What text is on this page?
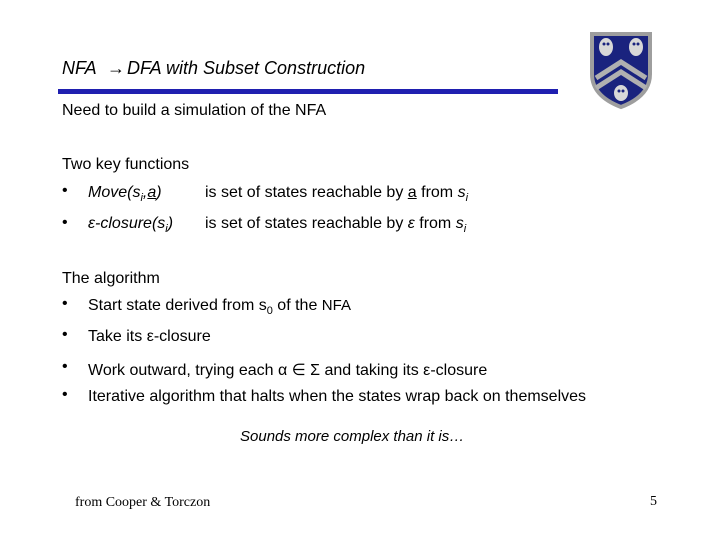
NFA → DFA with Subset Construction
Need to build a simulation of the NFA
Two key functions
• $Move(s_i,a)$	is set of states reachable by a from $s_i$
• $\varepsilon-closure(s_i)$ is set of states reachable by ε from $s_i$
The algorithm
• Start state derived from $s_0$ of the NFA
• Take its ε-closure
• Work outward, trying each α ∈ Σ and taking its ε-closure
• Iterative algorithm that halts when the states wrap back on themselves
Sounds more complex than it is…
from Cooper & Torczon	5
